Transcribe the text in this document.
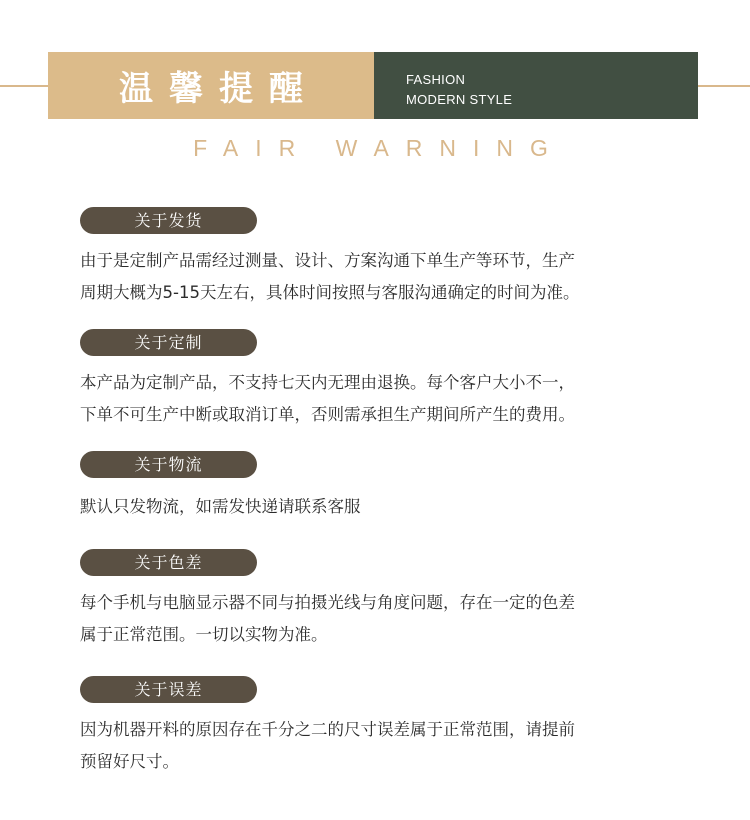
温馨提醒	FASHION
MODERN STYLE
FAIR WARNING
关于发货

由于是定制产品需经过测量、设计、方案沟通下单生产等环节，生产
周期大概为5-15天左右，具体时间按照与客服沟通确定的时间为准。

关于定制

本产品为定制产品，不支持七天内无理由退换。每个客户大小不一，
下单不可生产中断或取消订单，否则需承担生产期间所产生的费用。

关于物流

默认只发物流，如需发快递请联系客服

关于色差

每个手机与电脑显示器不同与拍摄光线与角度问题，存在一定的色差
属于正常范围。一切以实物为准。

关于误差

因为机器开料的原因存在千分之二的尺寸误差属于正常范围，请提前
预留好尺寸。
